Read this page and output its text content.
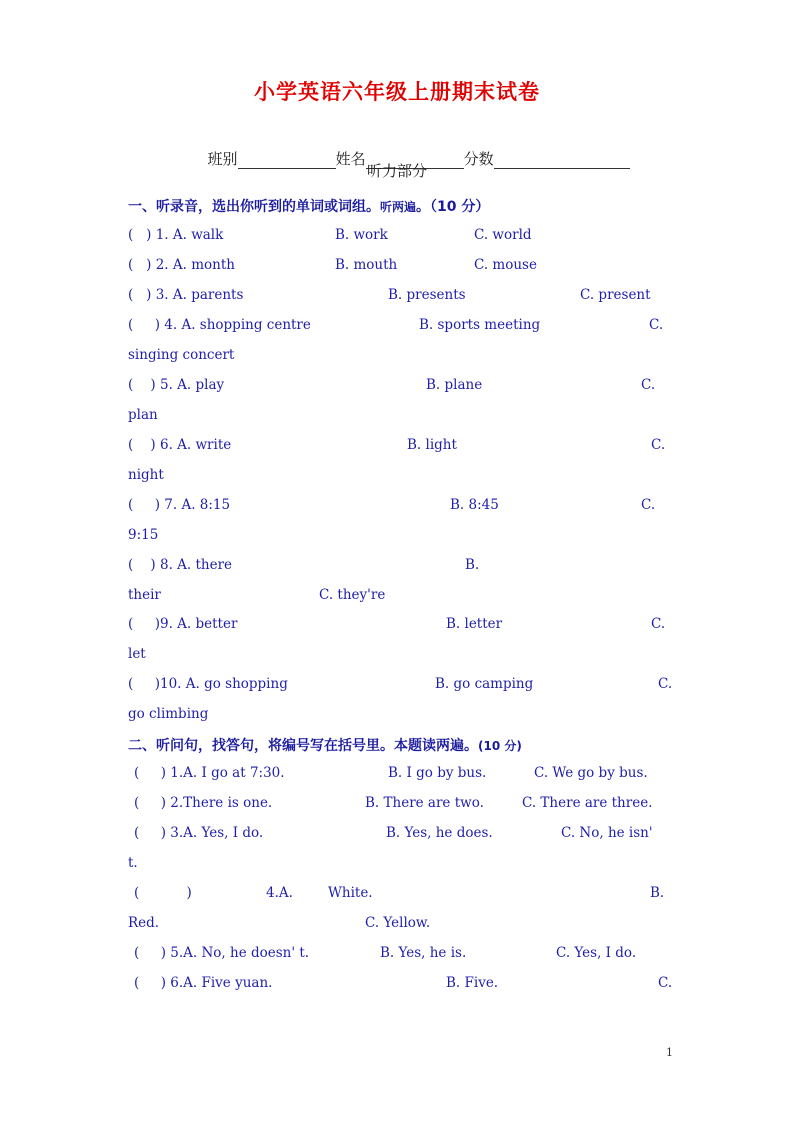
小学英语六年级上册期末试卷

班别	姓名	分数

听力部分
一、听录音，选出你听到的单词或词组。听两遍。（10 分）
二、听问句，找答句，将编号写在括号里。本题读两遍。(10 分)
(   ) 1. A. walk	B. work	C. world
(   ) 2. A. month	B. mouth	C. mouse
(   ) 3. A. parents	B. presents	C. present
(     ) 4. A. shopping centre	B. sports meeting	C.
singing concert
(    ) 5. A. play	B. plane	C.
plan
(    ) 6. A. write	B. light	C.
night
(     ) 7. A. 8:15	B. 8:45	C.
9:15
(    ) 8. A. there	B.
their	C. they're
(     )9. A. better	B. letter	C.
let
(     )10. A. go shopping	B. go camping	C.
go climbing
(     ) 1.A. I go at 7:30.	B. I go by bus.	C. We go by bus.
(     ) 2.There is one.	B. There are two.	C. There are three.
(     ) 3.A. Yes, I do.	B. Yes, he does.	C. No, he isn'
t.
(           )	4.A.	White.	B.
Red.	C. Yellow.
(     ) 5.A. No, he doesn' t.	B. Yes, he is.	C. Yes, I do.
(     ) 6.A. Five yuan.	B. Five.	C.
1
